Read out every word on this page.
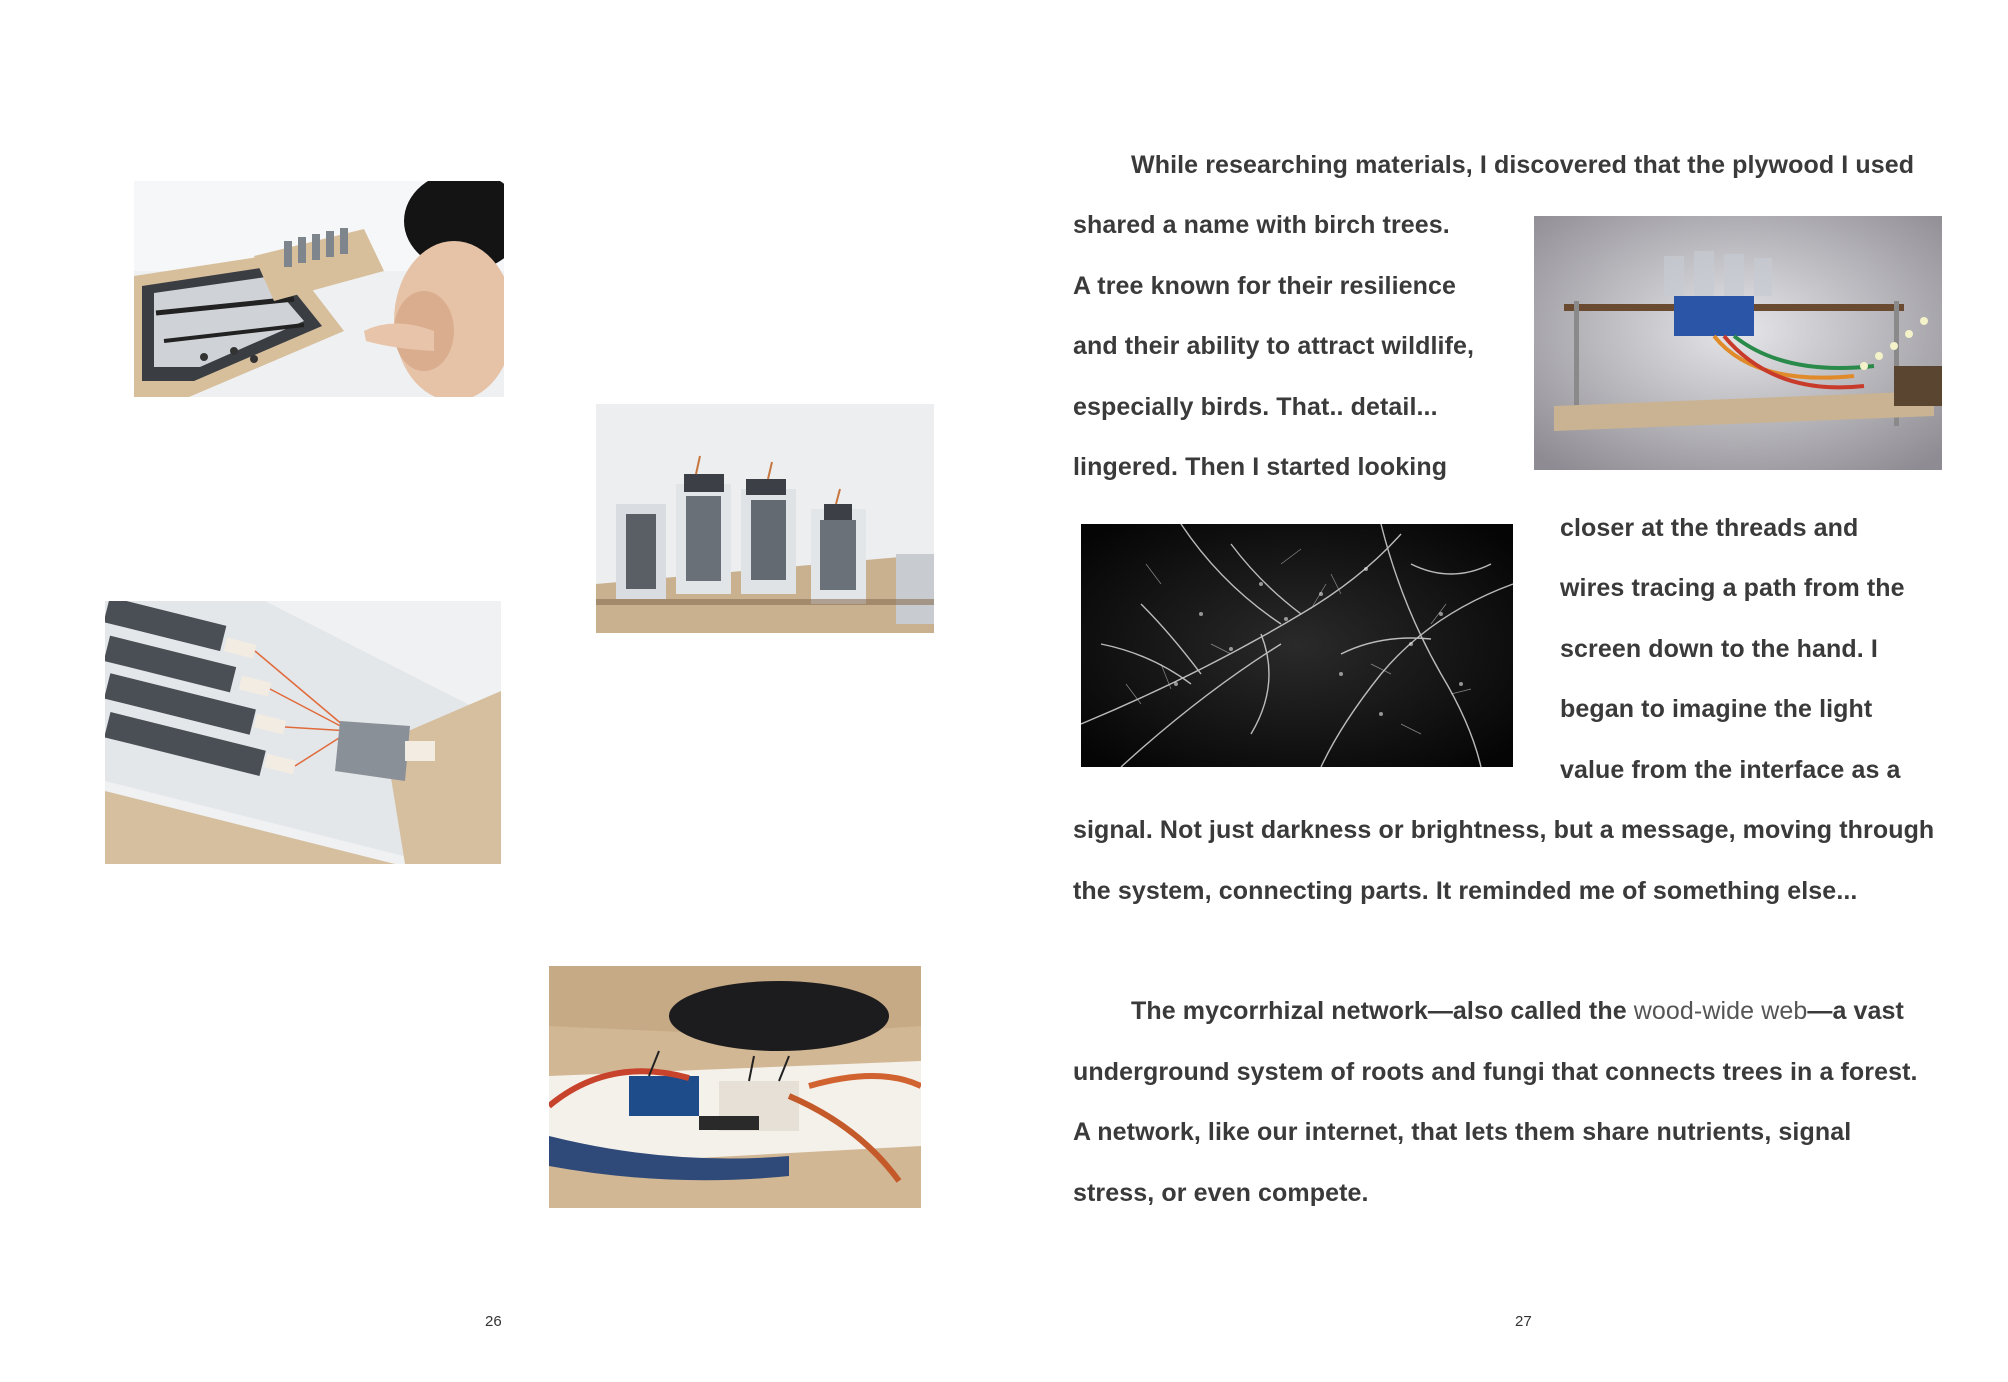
26

While researching materials, I discovered that the plywood I used

shared a name with birch trees.

A tree known for their resilience

and their ability to attract wildlife,

especially birds. That.. detail...

lingered. Then I started looking

closer at the threads and

wires tracing a path from the

screen down to the hand. I

began to imagine the light

value from the interface as a

signal. Not just darkness or brightness, but a message, moving through

the system, connecting parts. It reminded me of something else...

The mycorrhizal network—also called the wood-wide web—a vast

underground system of roots and fungi that connects trees in a forest.

A network, like our internet, that lets them share nutrients, signal

stress, or even compete.

27
